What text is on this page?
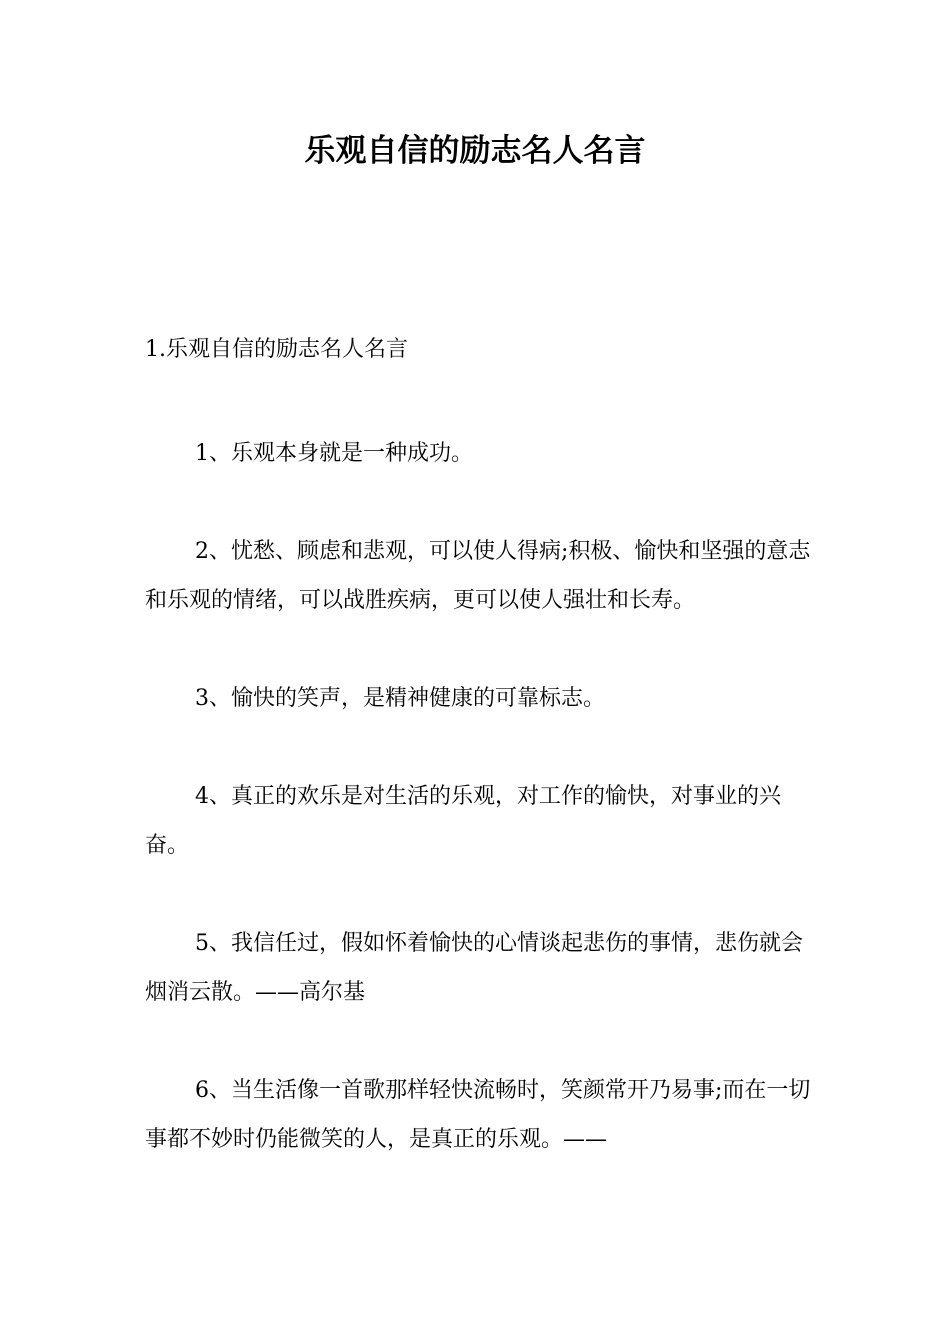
乐观自信的励志名人名言

1.乐观自信的励志名人名言

1、乐观本身就是一种成功。

2、忧愁、顾虑和悲观，可以使人得病;积极、愉快和坚强的意志和乐观的情绪，可以战胜疾病，更可以使人强壮和长寿。

3、愉快的笑声，是精神健康的可靠标志。

4、真正的欢乐是对生活的乐观，对工作的愉快，对事业的兴奋。

5、我信任过，假如怀着愉快的心情谈起悲伤的事情，悲伤就会烟消云散。——高尔基

6、当生活像一首歌那样轻快流畅时，笑颜常开乃易事;而在一切事都不妙时仍能微笑的人，是真正的乐观。——
